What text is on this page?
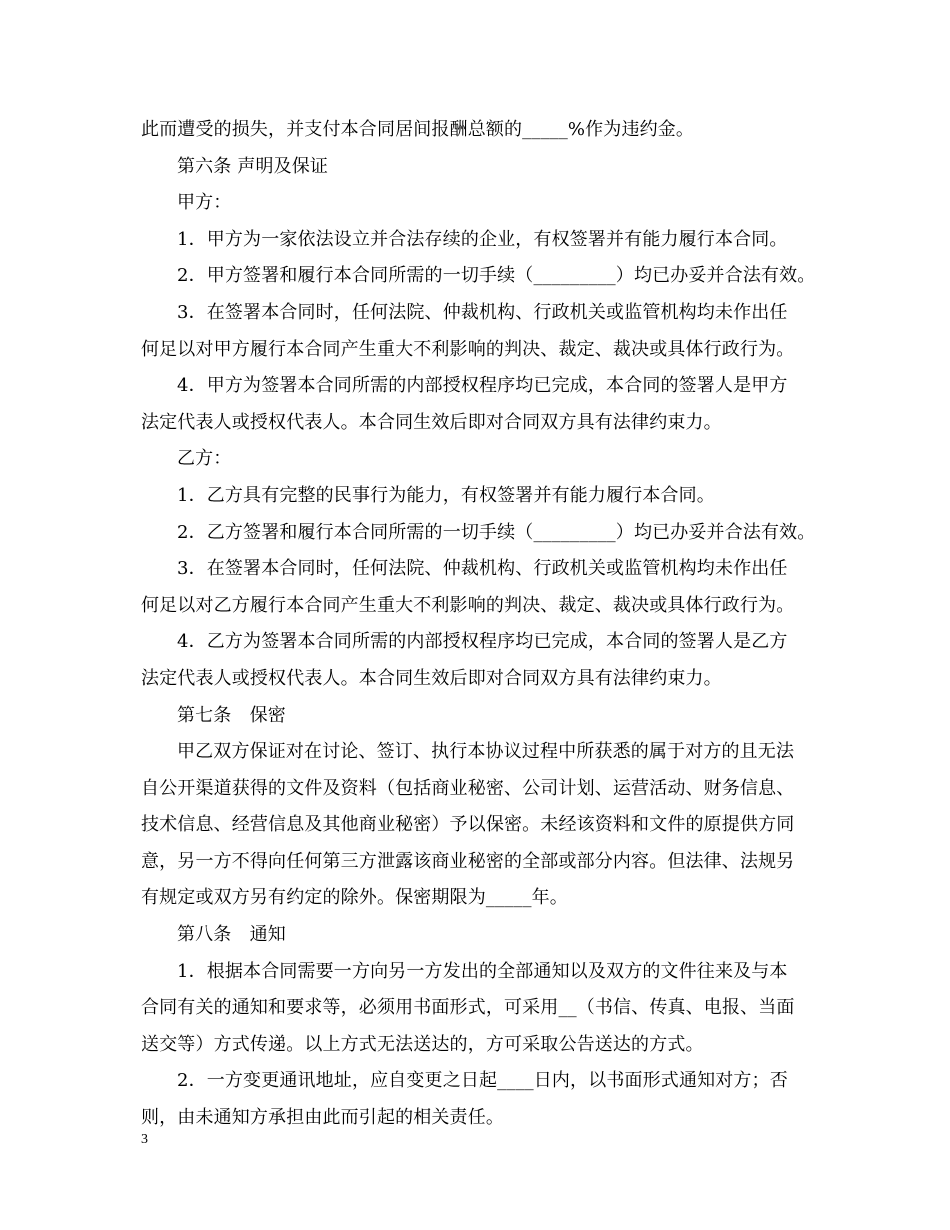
此而遭受的损失，并支付本合同居间报酬总额的_____%作为违约金。
第六条 声明及保证
甲方：
1．甲方为一家依法设立并合法存续的企业，有权签署并有能力履行本合同。
2．甲方签署和履行本合同所需的一切手续（_________）均已办妥并合法有效。
3．在签署本合同时，任何法院、仲裁机构、行政机关或监管机构均未作出任
何足以对甲方履行本合同产生重大不利影响的判决、裁定、裁决或具体行政行为。
4．甲方为签署本合同所需的内部授权程序均已完成，本合同的签署人是甲方
法定代表人或授权代表人。本合同生效后即对合同双方具有法律约束力。
乙方：
1．乙方具有完整的民事行为能力，有权签署并有能力履行本合同。
2．乙方签署和履行本合同所需的一切手续（_________）均已办妥并合法有效。
3．在签署本合同时，任何法院、仲裁机构、行政机关或监管机构均未作出任
何足以对乙方履行本合同产生重大不利影响的判决、裁定、裁决或具体行政行为。
4．乙方为签署本合同所需的内部授权程序均已完成，本合同的签署人是乙方
法定代表人或授权代表人。本合同生效后即对合同双方具有法律约束力。
第七条　保密
甲乙双方保证对在讨论、签订、执行本协议过程中所获悉的属于对方的且无法
自公开渠道获得的文件及资料（包括商业秘密、公司计划、运营活动、财务信息、
技术信息、经营信息及其他商业秘密）予以保密。未经该资料和文件的原提供方同
意，另一方不得向任何第三方泄露该商业秘密的全部或部分内容。但法律、法规另
有规定或双方另有约定的除外。保密期限为_____年。
第八条　通知
1．根据本合同需要一方向另一方发出的全部通知以及双方的文件往来及与本
合同有关的通知和要求等，必须用书面形式，可采用__（书信、传真、电报、当面
送交等）方式传递。以上方式无法送达的，方可采取公告送达的方式。
2．一方变更通讯地址，应自变更之日起____日内，以书面形式通知对方；否
则，由未通知方承担由此而引起的相关责任。
3
